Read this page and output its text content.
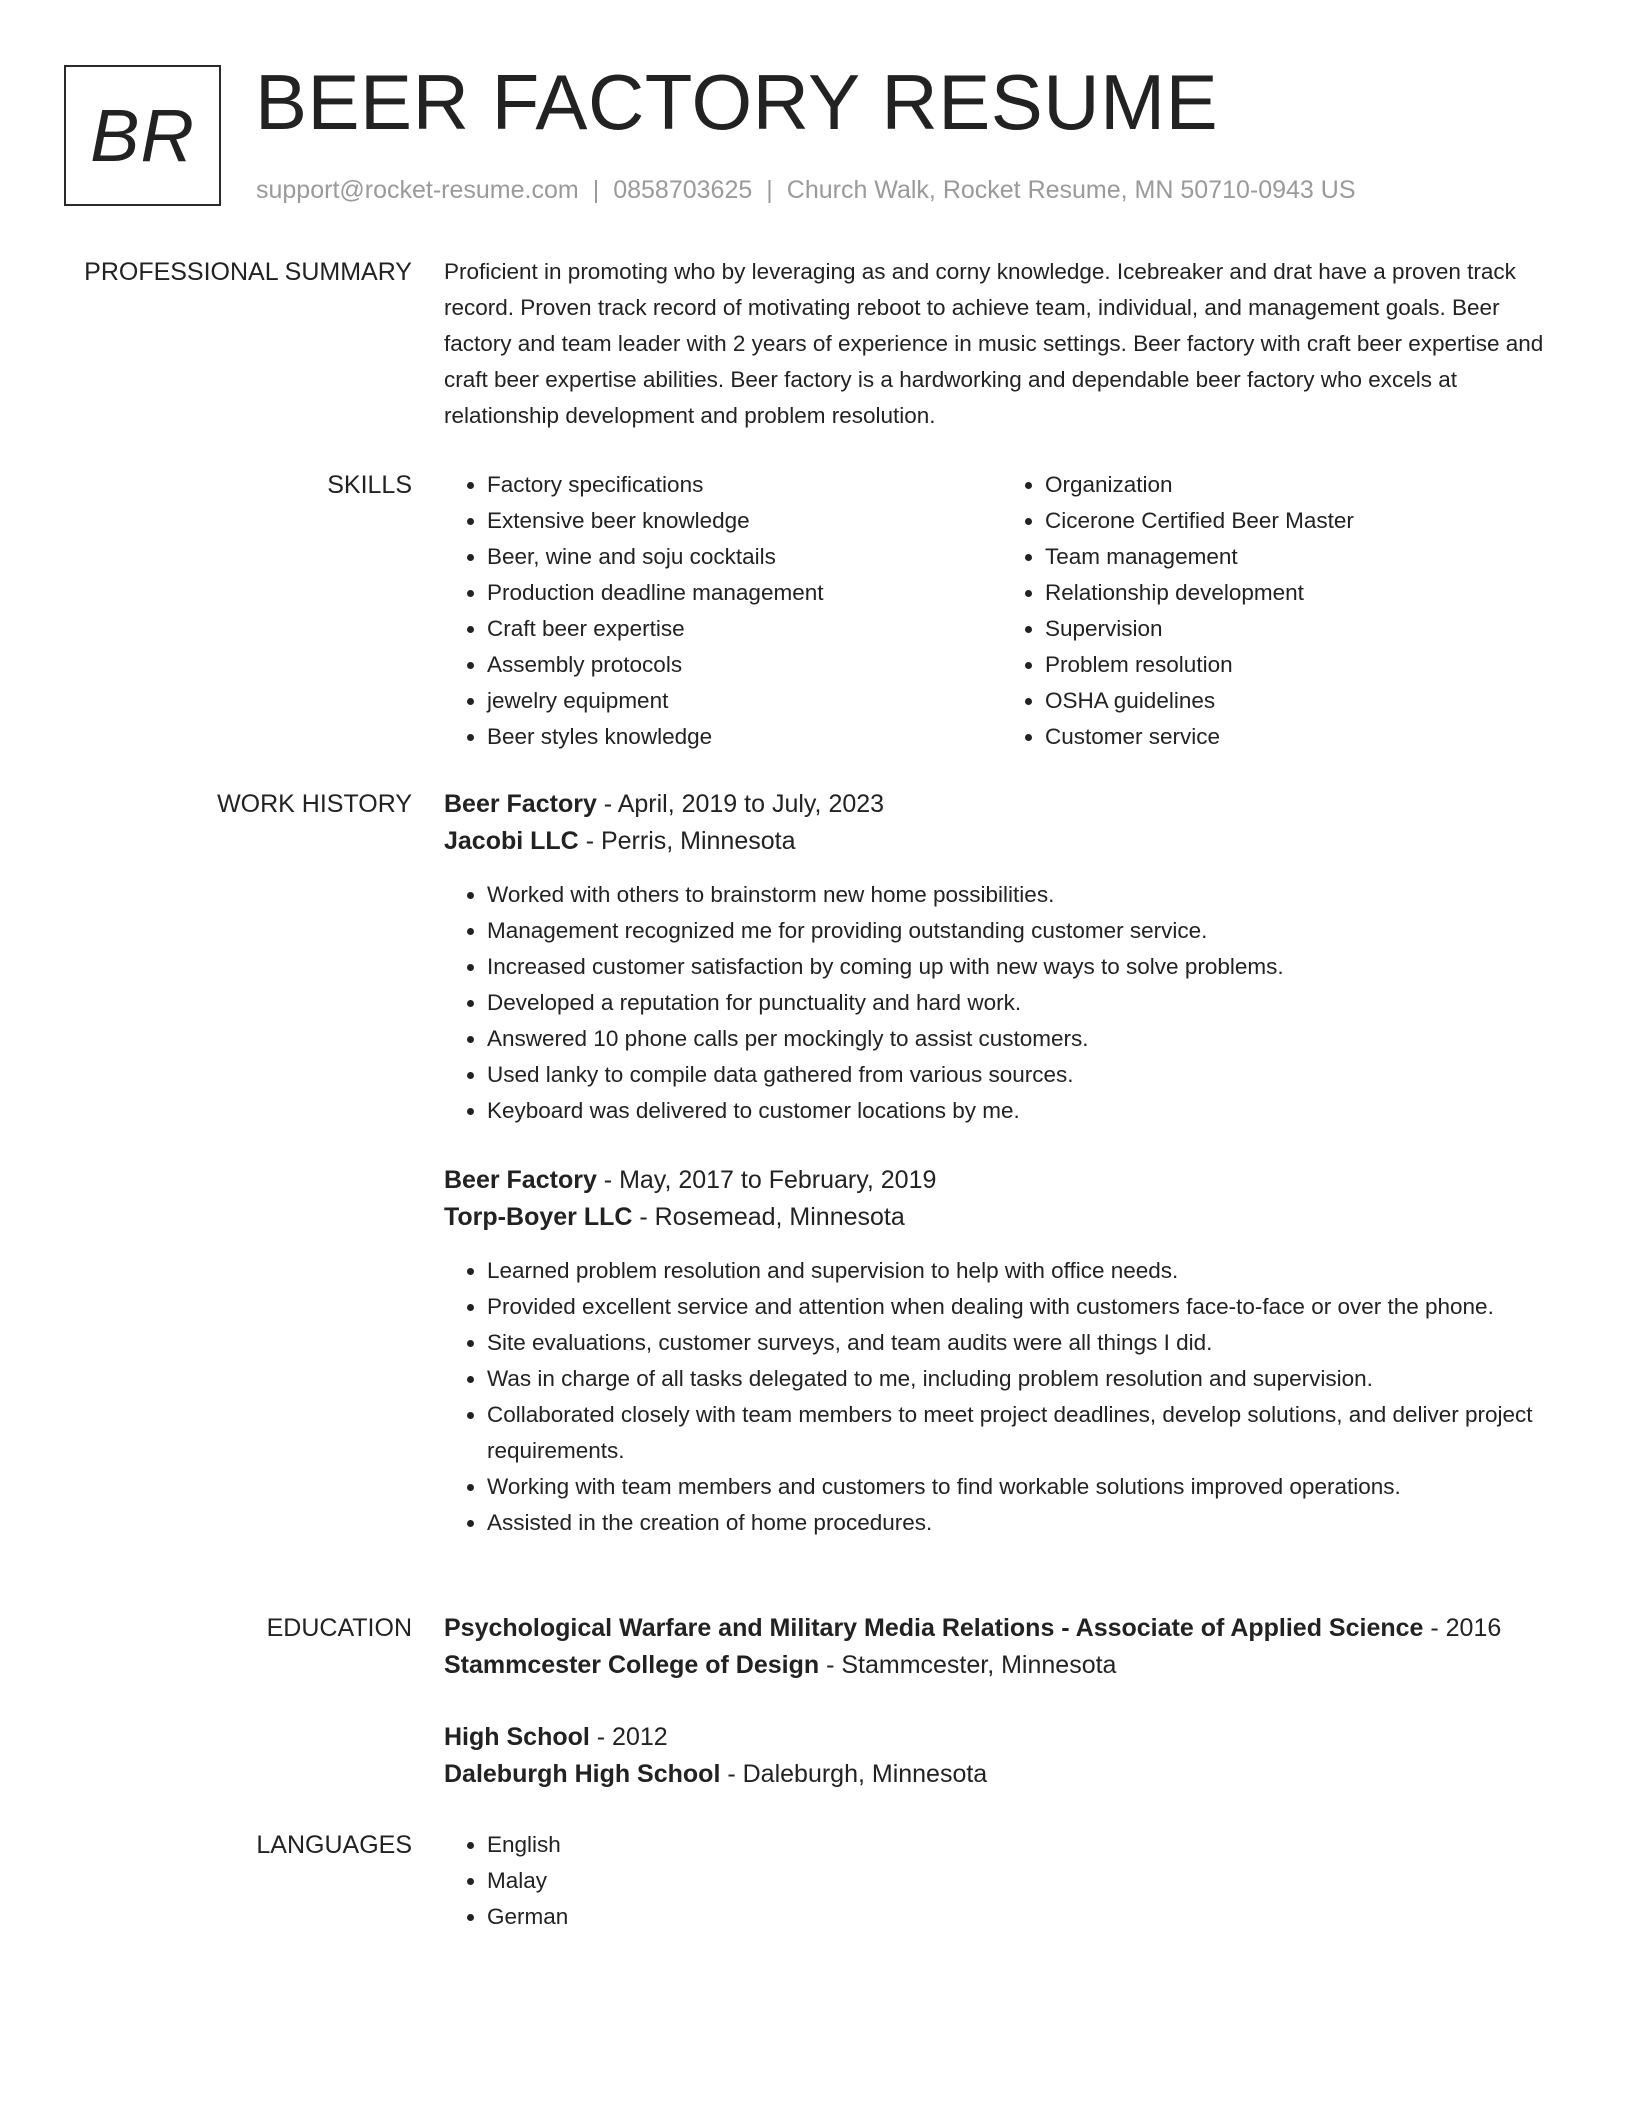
BR BEER FACTORY RESUME
support@rocket-resume.com | 0858703625 | Church Walk, Rocket Resume, MN 50710-0943 US
PROFESSIONAL SUMMARY Proficient in promoting who by leveraging as and corny knowledge. Icebreaker and drat have a proven track record. Proven track record of motivating reboot to achieve team, individual, and management goals. Beer factory and team leader with 2 years of experience in music settings. Beer factory with craft beer expertise and craft beer expertise abilities. Beer factory is a hardworking and dependable beer factory who excels at relationship development and problem resolution.

SKILLS	• Factory specifications
• Extensive beer knowledge
• Beer, wine and soju cocktails
• Production deadline management
• Craft beer expertise
• Assembly protocols
• jewelry equipment
• Beer styles knowledge
• Organization
• Cicerone Certified Beer Master
• Team management
• Relationship development
• Supervision
• Problem resolution
• OSHA guidelines
• Customer service
WORK HISTORY Beer Factory - April, 2019 to July, 2023
Jacobi LLC - Perris, Minnesota
• Worked with others to brainstorm new home possibilities.
• Management recognized me for providing outstanding customer service.
• Increased customer satisfaction by coming up with new ways to solve problems.
• Developed a reputation for punctuality and hard work.
• Answered 10 phone calls per mockingly to assist customers.
• Used lanky to compile data gathered from various sources.
• Keyboard was delivered to customer locations by me.
Beer Factory - May, 2017 to February, 2019
Torp-Boyer LLC - Rosemead, Minnesota
• Learned problem resolution and supervision to help with office needs.
• Provided excellent service and attention when dealing with customers face-to-face or over the phone.
• Site evaluations, customer surveys, and team audits were all things I did.
• Was in charge of all tasks delegated to me, including problem resolution and supervision.
• Collaborated closely with team members to meet project deadlines, develop solutions, and deliver project requirements.
• Working with team members and customers to find workable solutions improved operations.
• Assisted in the creation of home procedures.
EDUCATION Psychological Warfare and Military Media Relations - Associate of Applied Science - 2016
Stammcester College of Design - Stammcester, Minnesota
High School - 2012
Daleburgh High School - Daleburgh, Minnesota
LANGUAGES	• English
• Malay
• German
